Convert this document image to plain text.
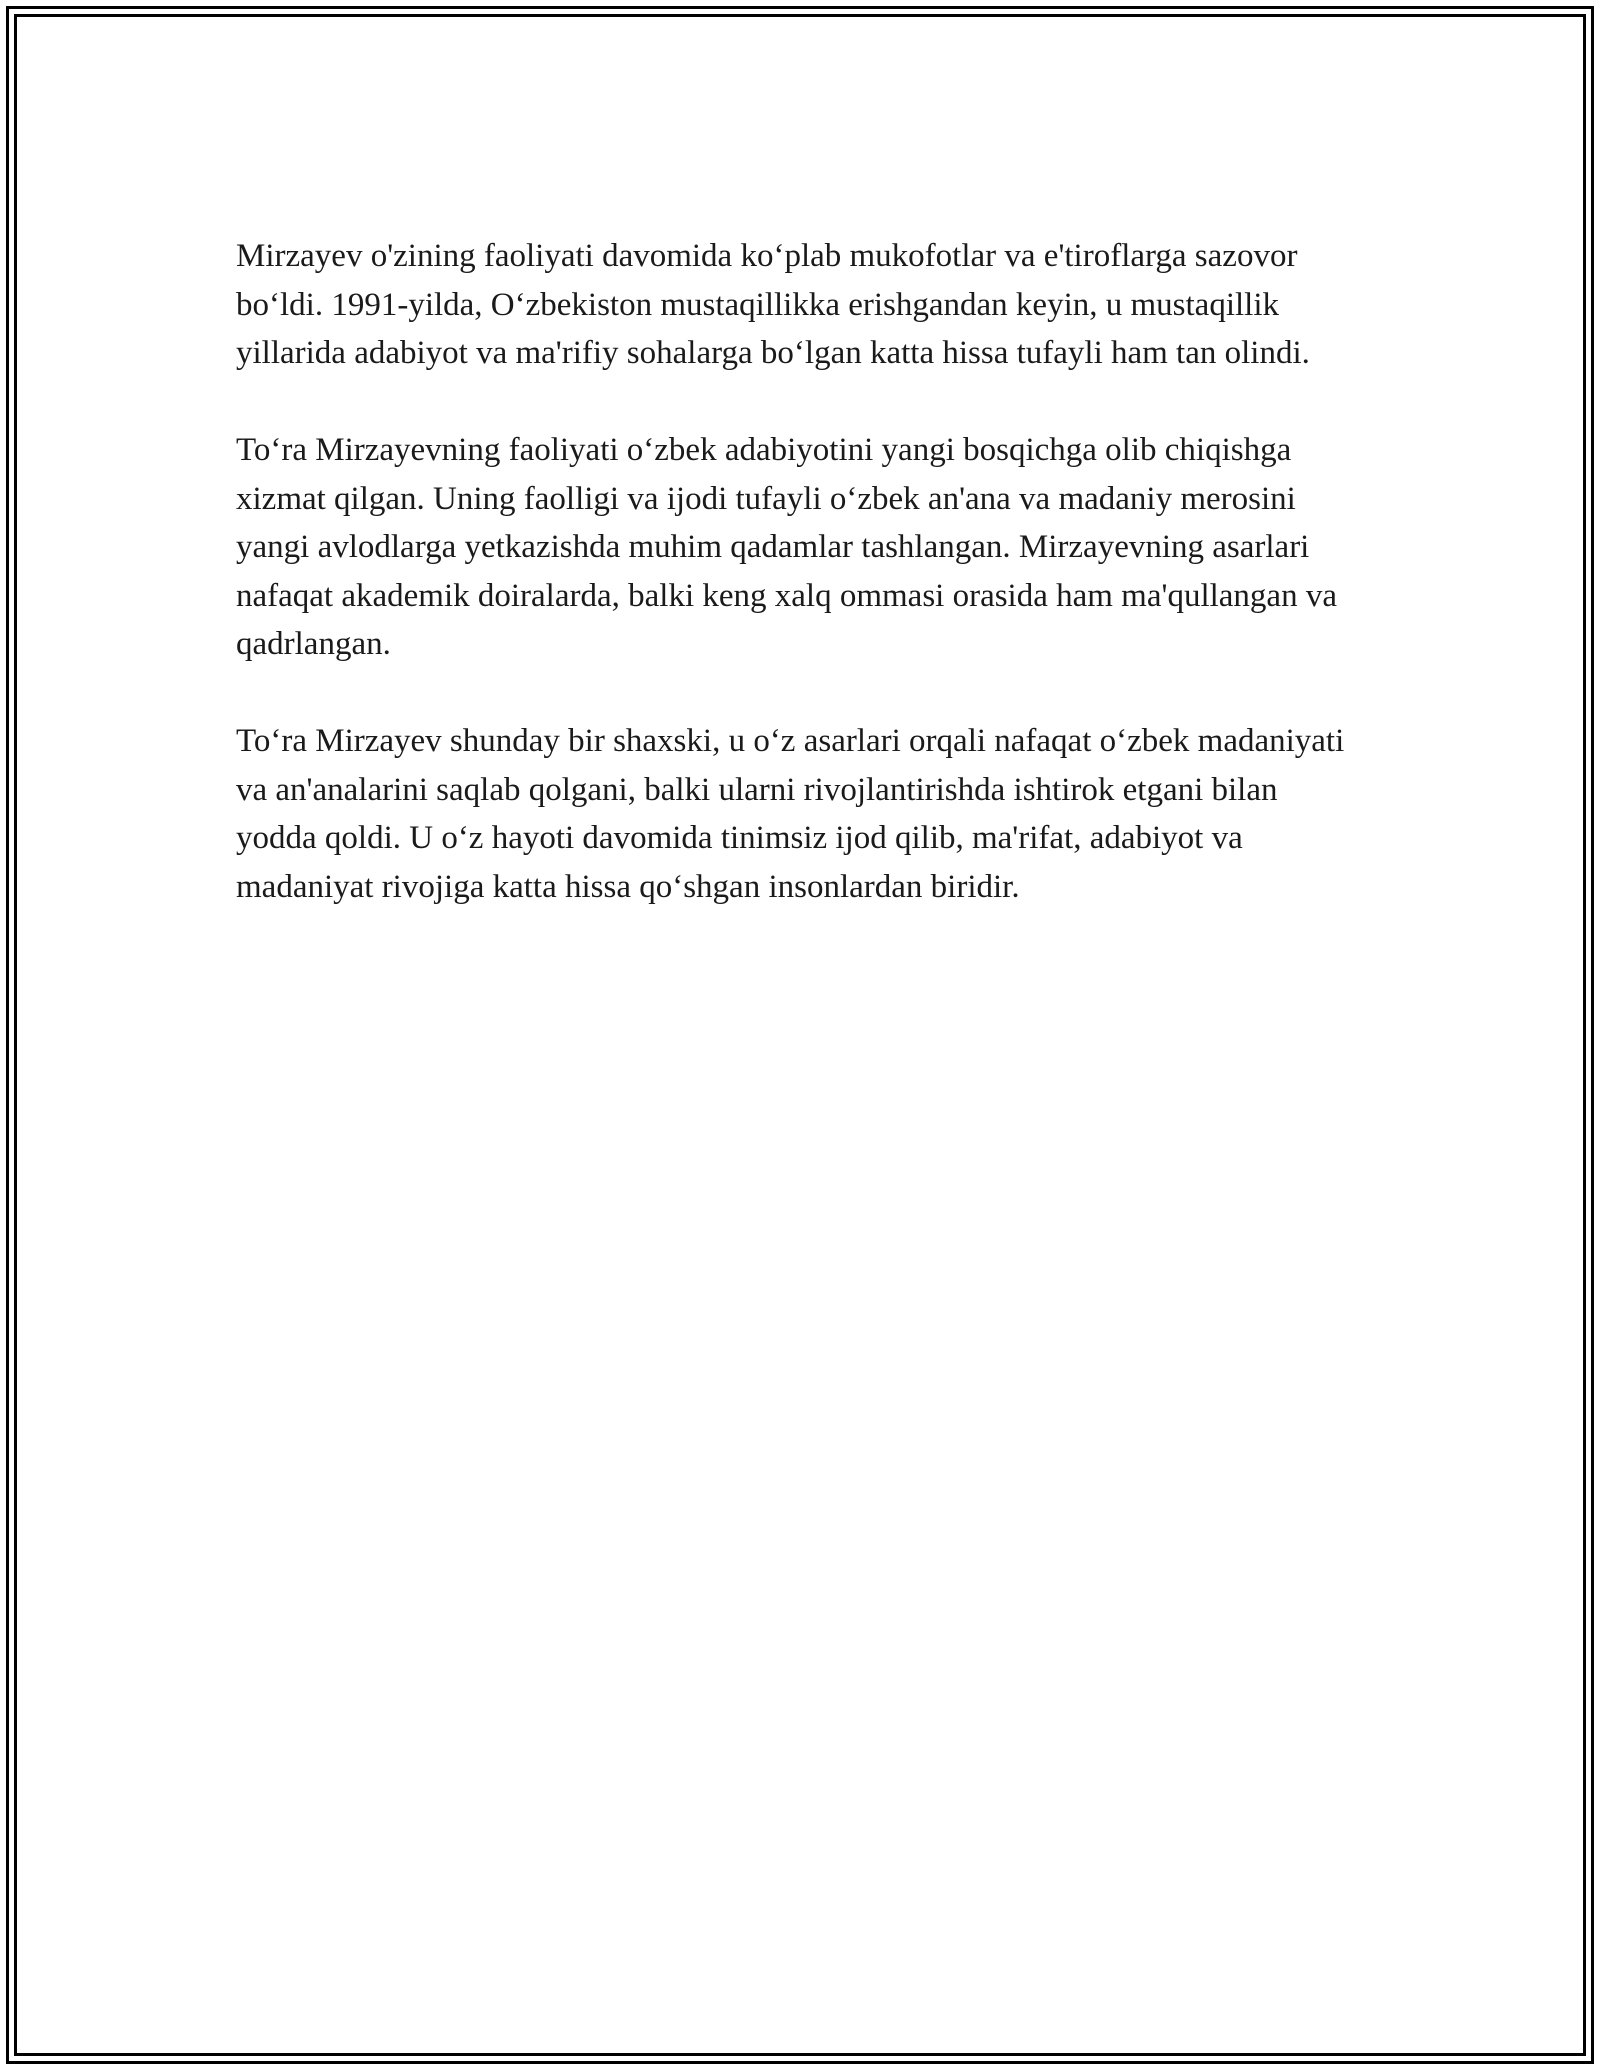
Mirzayev o'zining faoliyati davomida ko‘plab mukofotlar va e'tiroflarga sazovor bo‘ldi. 1991-yilda, O‘zbekiston mustaqillikka erishgandan keyin, u mustaqillik yillarida adabiyot va ma'rifiy sohalarga bo‘lgan katta hissa tufayli ham tan olindi.

To‘ra Mirzayevning faoliyati o‘zbek adabiyotini yangi bosqichga olib chiqishga xizmat qilgan. Uning faolligi va ijodi tufayli o‘zbek an'ana va madaniy merosini yangi avlodlarga yetkazishda muhim qadamlar tashlangan. Mirzayevning asarlari nafaqat akademik doiralarda, balki keng xalq ommasi orasida ham ma'qullangan va qadrlangan.

To‘ra Mirzayev shunday bir shaxski, u o‘z asarlari orqali nafaqat o‘zbek madaniyati va an'analarini saqlab qolgani, balki ularni rivojlantirishda ishtirok etgani bilan yodda qoldi. U o‘z hayoti davomida tinimsiz ijod qilib, ma'rifat, adabiyot va madaniyat rivojiga katta hissa qo‘shgan insonlardan biridir.
